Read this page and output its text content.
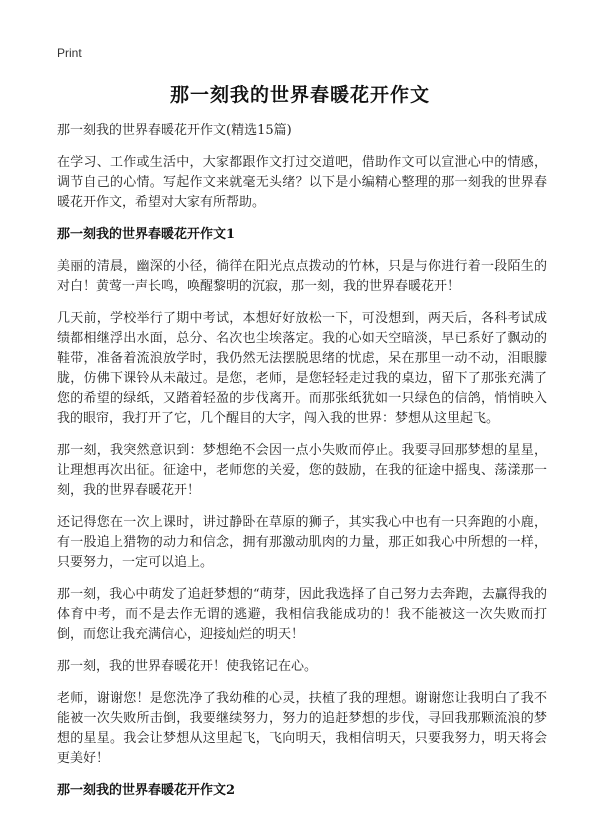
Print
那一刻我的世界春暖花开作文

那一刻我的世界春暖花开作文(精选15篇)

在学习、工作或生活中，大家都跟作文打过交道吧，借助作文可以宣泄心中的情感，调节自己的心情。写起作文来就毫无头绪？以下是小编精心整理的那一刻我的世界春暖花开作文，希望对大家有所帮助。

那一刻我的世界春暖花开作文1

美丽的清晨，幽深的小径，徜徉在阳光点点拨动的竹林，只是与你进行着一段陌生的对白！黄莺一声长鸣，唤醒黎明的沉寂，那一刻，我的世界春暖花开！

几天前，学校举行了期中考试，本想好好放松一下，可没想到，两天后，各科考试成绩都相继浮出水面，总分、名次也尘埃落定。我的心如天空暗淡，早已系好了飘动的鞋带，准备着流浪放学时，我仍然无法摆脱思绪的忧虑，呆在那里一动不动，泪眼朦胧，仿佛下课铃从未敲过。是您，老师，是您轻轻走过我的桌边，留下了那张充满了您的希望的绿纸，又踏着轻盈的步伐离开。而那张纸犹如一只绿色的信鸽，悄悄映入我的眼帘，我打开了它，几个醒目的大字，闯入我的世界：梦想从这里起飞。

那一刻，我突然意识到：梦想绝不会因一点小失败而停止。我要寻回那梦想的星星，让理想再次出征。征途中，老师您的关爱，您的鼓励，在我的征途中摇曳、荡漾那一刻，我的世界春暖花开！

还记得您在一次上课时，讲过静卧在草原的狮子，其实我心中也有一只奔跑的小鹿，有一股追上猎物的动力和信念，拥有那激动肌肉的力量，那正如我心中所想的一样，只要努力，一定可以追上。

那一刻，我心中萌发了追赶梦想的“萌芽，因此我选择了自己努力去奔跑，去赢得我的体育中考，而不是去作无谓的逃避，我相信我能成功的！我不能被这一次失败而打倒，而您让我充满信心，迎接灿烂的明天！

那一刻，我的世界春暖花开！使我铭记在心。

老师，谢谢您！是您洗净了我幼稚的心灵，扶植了我的理想。谢谢您让我明白了我不能被一次失败所击倒，我要继续努力，努力的追赶梦想的步伐，寻回我那颗流浪的梦想的星星。我会让梦想从这里起飞，飞向明天，我相信明天，只要我努力，明天将会更美好！

那一刻我的世界春暖花开作文2
